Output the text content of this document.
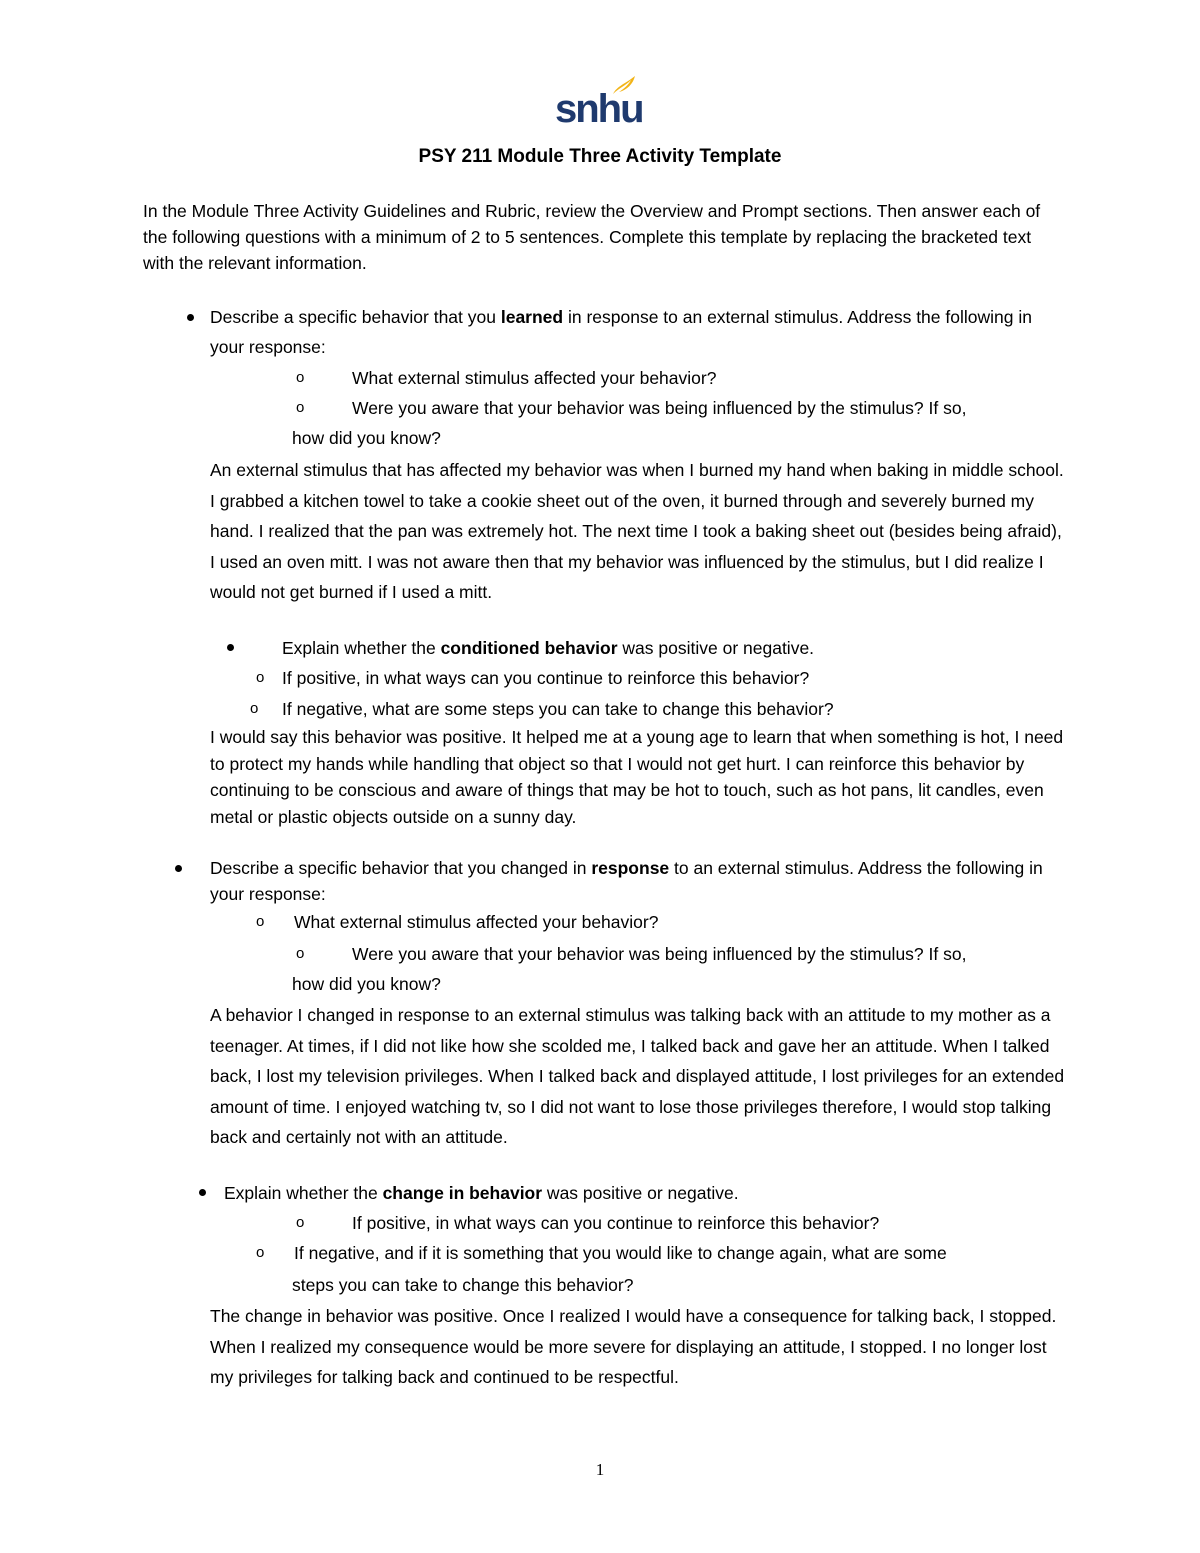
snhu
PSY 211 Module Three Activity Template

In the Module Three Activity Guidelines and Rubric, review the Overview and Prompt sections. Then answer each of the following questions with a minimum of 2 to 5 sentences. Complete this template by replacing the bracketed text with the relevant information.

Describe a specific behavior that you learned in response to an external stimulus. Address the following in your response:
o	What external stimulus affected your behavior?
o	Were you aware that your behavior was being influenced by the stimulus? If so,
how did you know?

An external stimulus that has affected my behavior was when I burned my hand when baking in middle school. I grabbed a kitchen towel to take a cookie sheet out of the oven, it burned through and severely burned my hand. I realized that the pan was extremely hot. The next time I took a baking sheet out (besides being afraid), I used an oven mitt. I was not aware then that my behavior was influenced by the stimulus, but I did realize I would not get burned if I used a mitt.

Explain whether the conditioned behavior was positive or negative.
o If positive, in what ways can you continue to reinforce this behavior?
o If negative, what are some steps you can take to change this behavior?

I would say this behavior was positive. It helped me at a young age to learn that when something is hot, I need to protect my hands while handling that object so that I would not get hurt. I can reinforce this behavior by continuing to be conscious and aware of things that may be hot to touch, such as hot pans, lit candles, even metal or plastic objects outside on a sunny day.

Describe a specific behavior that you changed in response to an external stimulus. Address the following in your response:
o What external stimulus affected your behavior?
o	Were you aware that your behavior was being influenced by the stimulus? If so,
how did you know?

A behavior I changed in response to an external stimulus was talking back with an attitude to my mother as a teenager. At times, if I did not like how she scolded me, I talked back and gave her an attitude. When I talked back, I lost my television privileges. When I talked back and displayed attitude, I lost privileges for an extended amount of time. I enjoyed watching tv, so I did not want to lose those privileges therefore, I would stop talking back and certainly not with an attitude.

Explain whether the change in behavior was positive or negative.
o	If positive, in what ways can you continue to reinforce this behavior?
o If negative, and if it is something that you would like to change again, what are some
steps you can take to change this behavior?

The change in behavior was positive. Once I realized I would have a consequence for talking back, I stopped. When I realized my consequence would be more severe for displaying an attitude, I stopped. I no longer lost my privileges for talking back and continued to be respectful.

1
